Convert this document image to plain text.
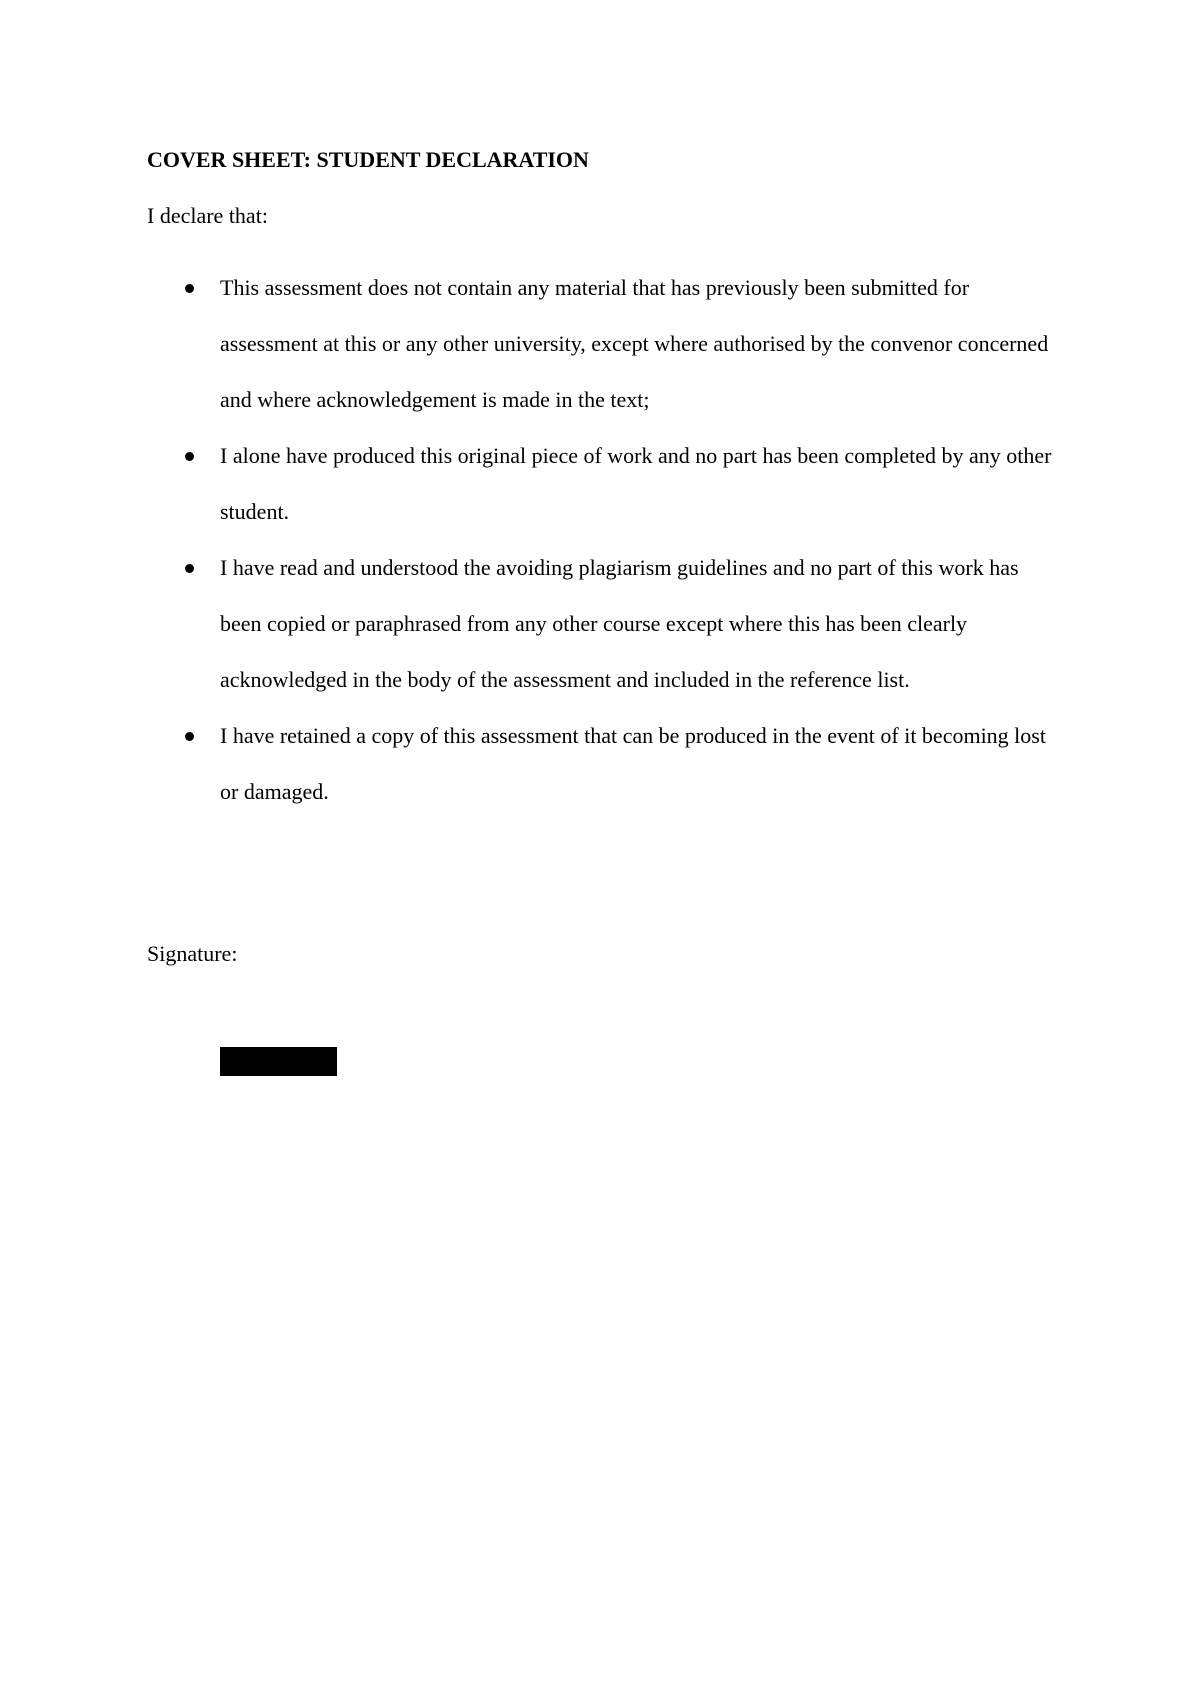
COVER SHEET: STUDENT DECLARATION
I declare that:
This assessment does not contain any material that has previously been submitted for assessment at this or any other university, except where authorised by the convenor concerned and where acknowledgement is made in the text;
I alone have produced this original piece of work and no part has been completed by any other student.
I have read and understood the avoiding plagiarism guidelines and no part of this work has been copied or paraphrased from any other course except where this has been clearly acknowledged in the body of the assessment and included in the reference list.
I have retained a copy of this assessment that can be produced in the event of it becoming lost or damaged.
Signature:
